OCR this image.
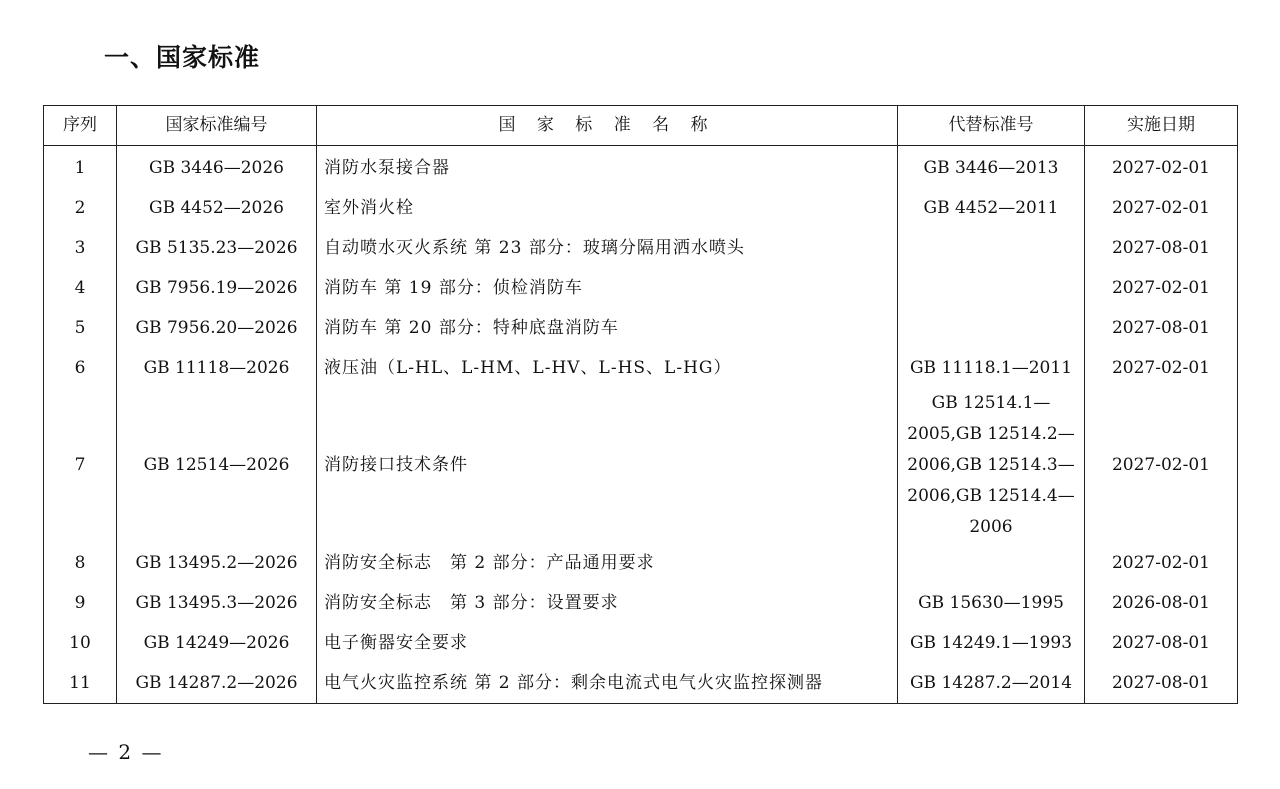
一、国家标准
序列	国家标准编号	国 家 标 准 名 称	代替标准号	实施日期
1	GB 3446—2026	消防水泵接合器	GB 3446—2013	2027-02-01
2	GB 4452—2026	室外消火栓	GB 4452—2011	2027-02-01
3	GB 5135.23—2026	自动喷水灭火系统 第 23 部分：玻璃分隔用洒水喷头		2027-08-01
4	GB 7956.19—2026	消防车 第 19 部分：侦检消防车		2027-02-01
5	GB 7956.20—2026	消防车 第 20 部分：特种底盘消防车		2027-08-01
6	GB 11118—2026	液压油（L-HL、L-HM、L-HV、L-HS、L-HG）	GB 11118.1—2011	2027-02-01
7	GB 12514—2026	消防接口技术条件	GB 12514.1—
2005,GB 12514.2—
2006,GB 12514.3—
2006,GB 12514.4—
2006	2027-02-01
8	GB 13495.2—2026	消防安全标志　第 2 部分：产品通用要求		2027-02-01
9	GB 13495.3—2026	消防安全标志　第 3 部分：设置要求	GB 15630—1995	2026-08-01
10	GB 14249—2026	电子衡器安全要求	GB 14249.1—1993	2027-08-01
11	GB 14287.2—2026	电气火灾监控系统 第 2 部分：剩余电流式电气火灾监控探测器	GB 14287.2—2014	2027-08-01
— 2 —
